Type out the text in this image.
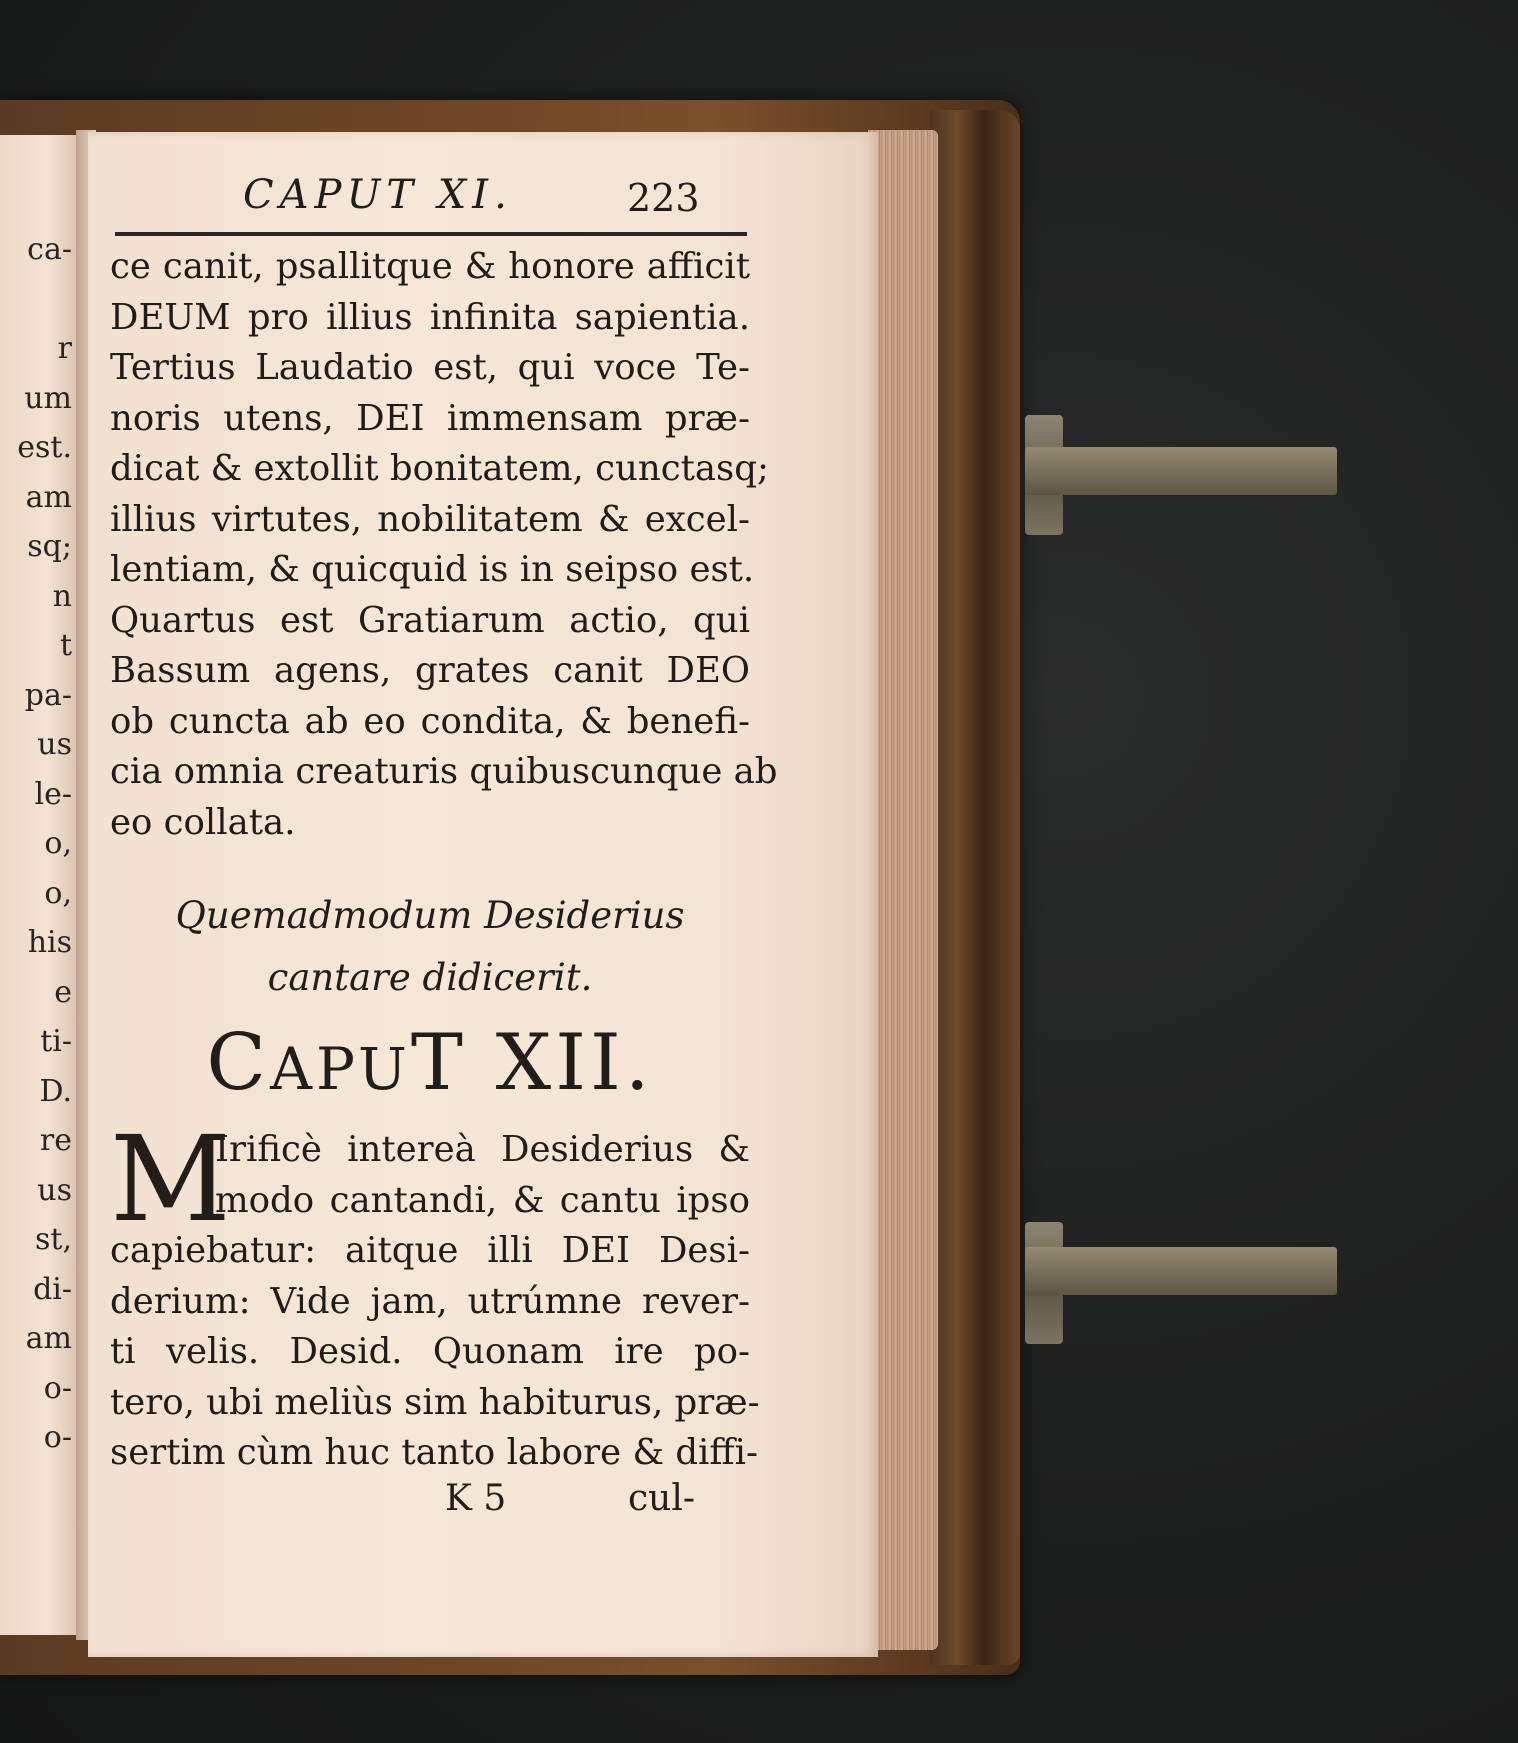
ca-
r
um
est.
am
sq;
n
t
pa-
us
le-
o,
o,
his
e
ti-
D.
re
us
st,
di-
am
o-
o-
CAPUT XI.	223
ce canit, psallitque & honore afficit
DEUM pro illius infinita sapientia.
Tertius Laudatio est, qui voce Te-
noris utens, DEI immensam præ-
dicat & extollit bonitatem, cunctasq;
illius virtutes, nobilitatem & excel-
lentiam, & quicquid is in seipso est.
Quartus est Gratiarum actio, qui
Bassum agens, grates canit DEO
ob cuncta ab eo condita, & benefi-
cia omnia creaturis quibuscunque ab
eo collata.
Quemadmodum Desiderius
cantare didicerit.
CAPUT XII.
M
Irificè intereà Desiderius &
modo cantandi, & cantu ipso
capiebatur: aitque illi DEI Desi-
derium: Vide jam, utrúmne rever-
ti velis. Desid. Quonam ire po-
tero, ubi meliùs sim habiturus, præ-
sertim cùm huc tanto labore & diffi-
K 5	cul-
